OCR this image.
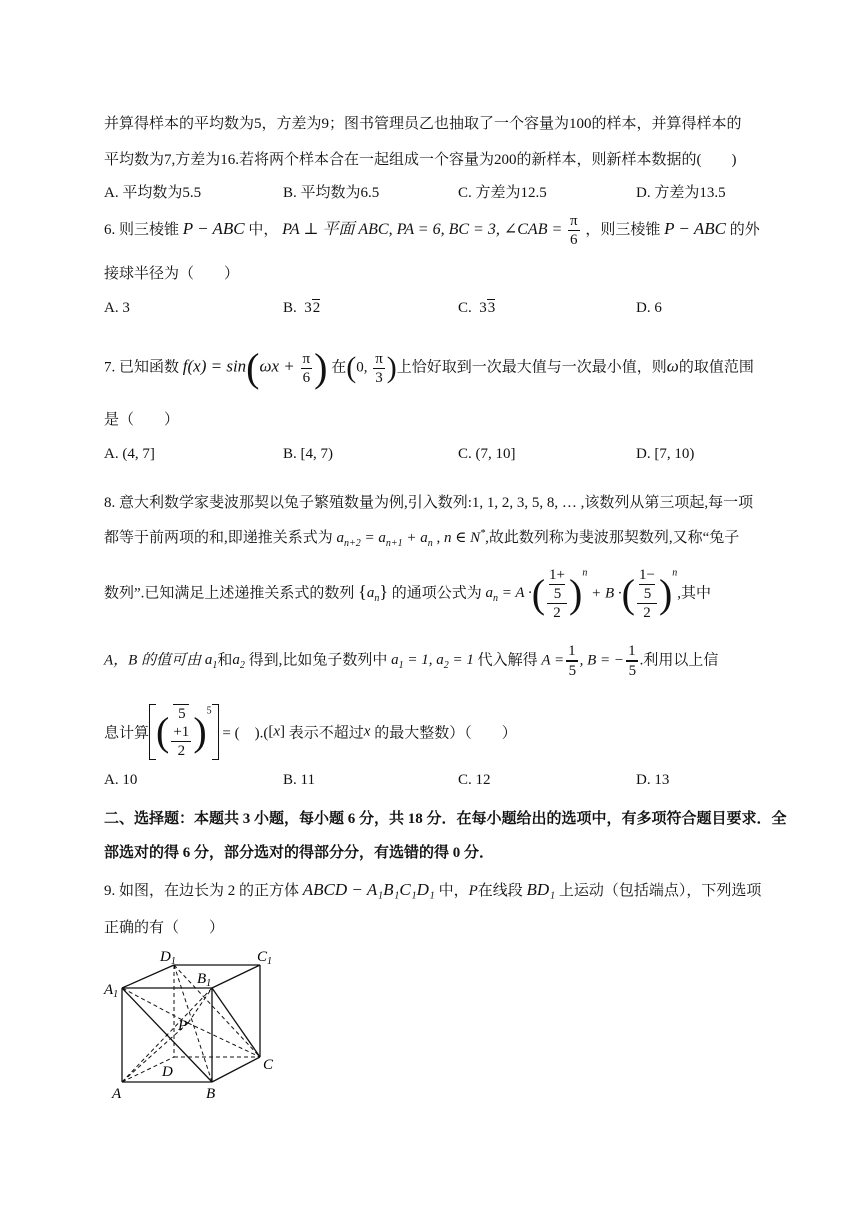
并算得样本的平均数为5，方差为9；图书管理员乙也抽取了一个容量为100的样本，并算得样本的
平均数为7,方差为16.若将两个样本合在一起组成一个容量为200的新样本，则新样本数据的(　　)
A. 平均数为5.5	B. 平均数为6.5	C. 方差为12.5	D. 方差为13.5
6. 则三棱锥 P − ABC 中， PA ⊥ 平面 ABC, PA = 6, BC = 3, ∠CAB = $\frac{\pi}{6}$ ，则三棱锥 P − ABC 的外
接球半径为（　　）
A. 3	B.  32	C.  33	D. 6
7. 已知函数 $f(x) = \sin(\omega x + \frac{\pi}{6}$ ) 在(0, $\frac{\pi}{3}$ )上恰好取到一次最大值与一次最小值，则ω的取值范围
是（　　）
A. (4, 7]	B. [4, 7)	C. (7, 10]	D. [7, 10)
8. 意大利数学家斐波那契以兔子繁殖数量为例,引入数列:1, 1, 2, 3, 5, 8, … ,该数列从第三项起,每一项
都等于前两项的和,即递推关系式为 $a_{n+2} = a_{n+1} + a_n$ , n ∈ N*,故此数列称为斐波那契数列,又称“兔子
数列”.已知满足上述递推关系式的数列 $\{a_n\}$ 的通项公式为 $a_n = A$ ·( 1+
5
2 )$^n$ + B ·( 1−
5
2 )$^n$,其中
A，B 的值可由 $a_1$和$a_2$ 得到,比如兔子数列中 $a_1 = 1$, $a_2 = 1$ 代入解得 $A = \frac{1}{5}$ , B = − $\frac{1}{5}$ .利用以上信
息计算 ( 5
+1
2 )$^5$ = (　).([x] 表示不超过x 的最大整数）（　　）
A. 10	B. 11	C. 12	D. 13
二、选择题：本题共 3 小题，每小题 6 分，共 18 分．在每小题给出的选项中，有多项符合题目要求．全
部选对的得 6 分，部分选对的得部分分，有选错的得 0 分．
9. 如图，在边长为 2 的正方体 ABCD − A₁B₁C₁D₁ 中，P在线段 BD₁ 上运动（包括端点），下列选项
正确的有（　　）
$D_1$	$C_1$
$B_1$
$A_1$
P
D	C
A	B
